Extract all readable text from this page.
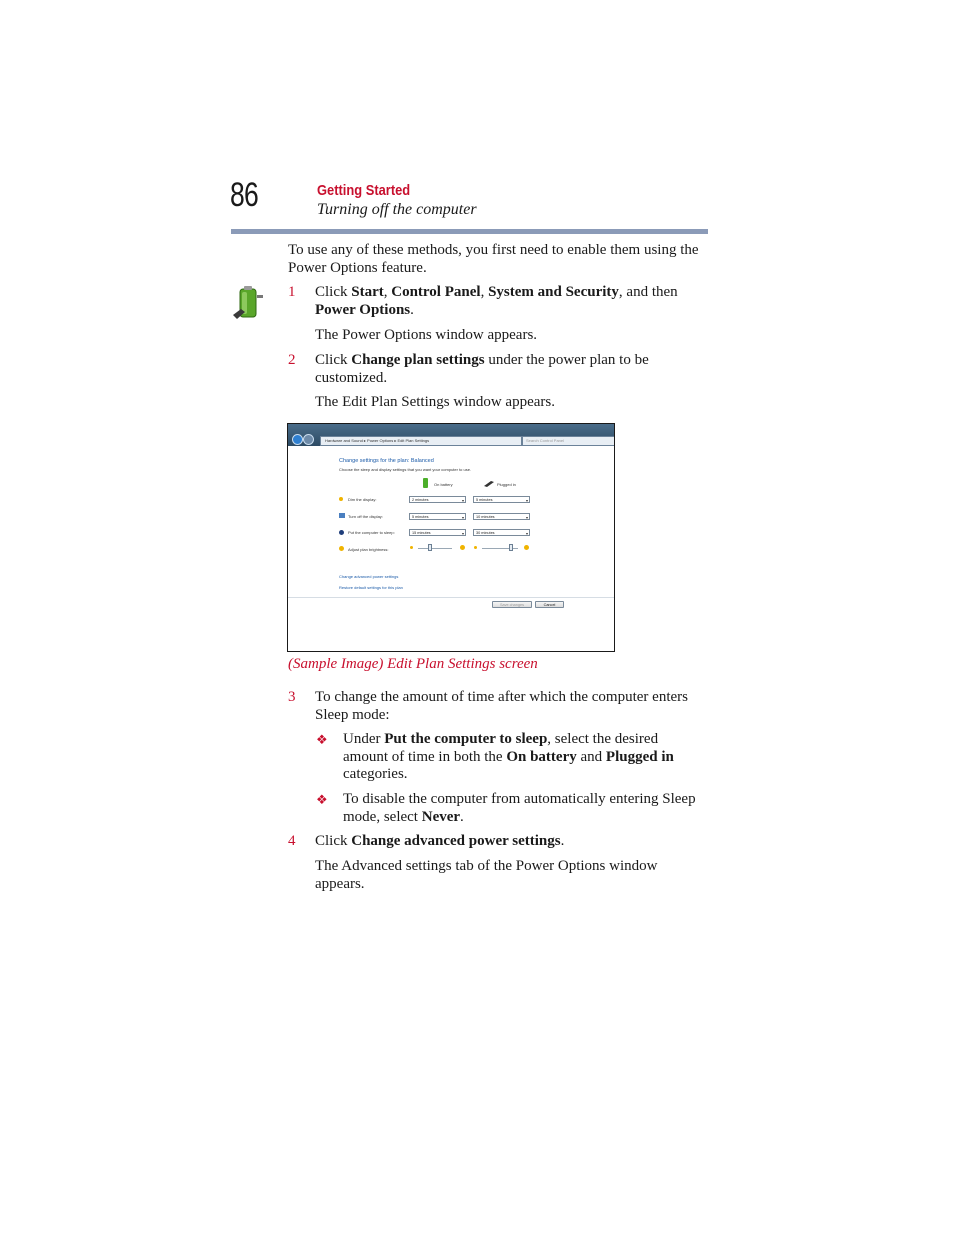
86	Getting Started
Turning off the computer
To use any of these methods, you first need to enable them using the Power Options feature.
1 Click Start, Control Panel, System and Security, and then Power Options.
The Power Options window appears.
2 Click Change plan settings under the power plan to be customized.
The Edit Plan Settings window appears.
Hardware and Sound ▸ Power Options ▸ Edit Plan Settings	Search Control Panel
Change settings for the plan: Balanced
Choose the sleep and display settings that you want your computer to use.
On battery	Plugged in
Dim the display:	2 minutes ▾	5 minutes ▾
Turn off the display:	5 minutes ▾	10 minutes ▾
Put the computer to sleep:	15 minutes ▾	30 minutes ▾
Adjust plan brightness:
Change advanced power settings
Restore default settings for this plan
Save changes	Cancel
(Sample Image) Edit Plan Settings screen
3 To change the amount of time after which the computer enters Sleep mode:
❖ Under Put the computer to sleep, select the desired amount of time in both the On battery and Plugged in categories.
❖ To disable the computer from automatically entering Sleep mode, select Never.
4 Click Change advanced power settings.
The Advanced settings tab of the Power Options window appears.
